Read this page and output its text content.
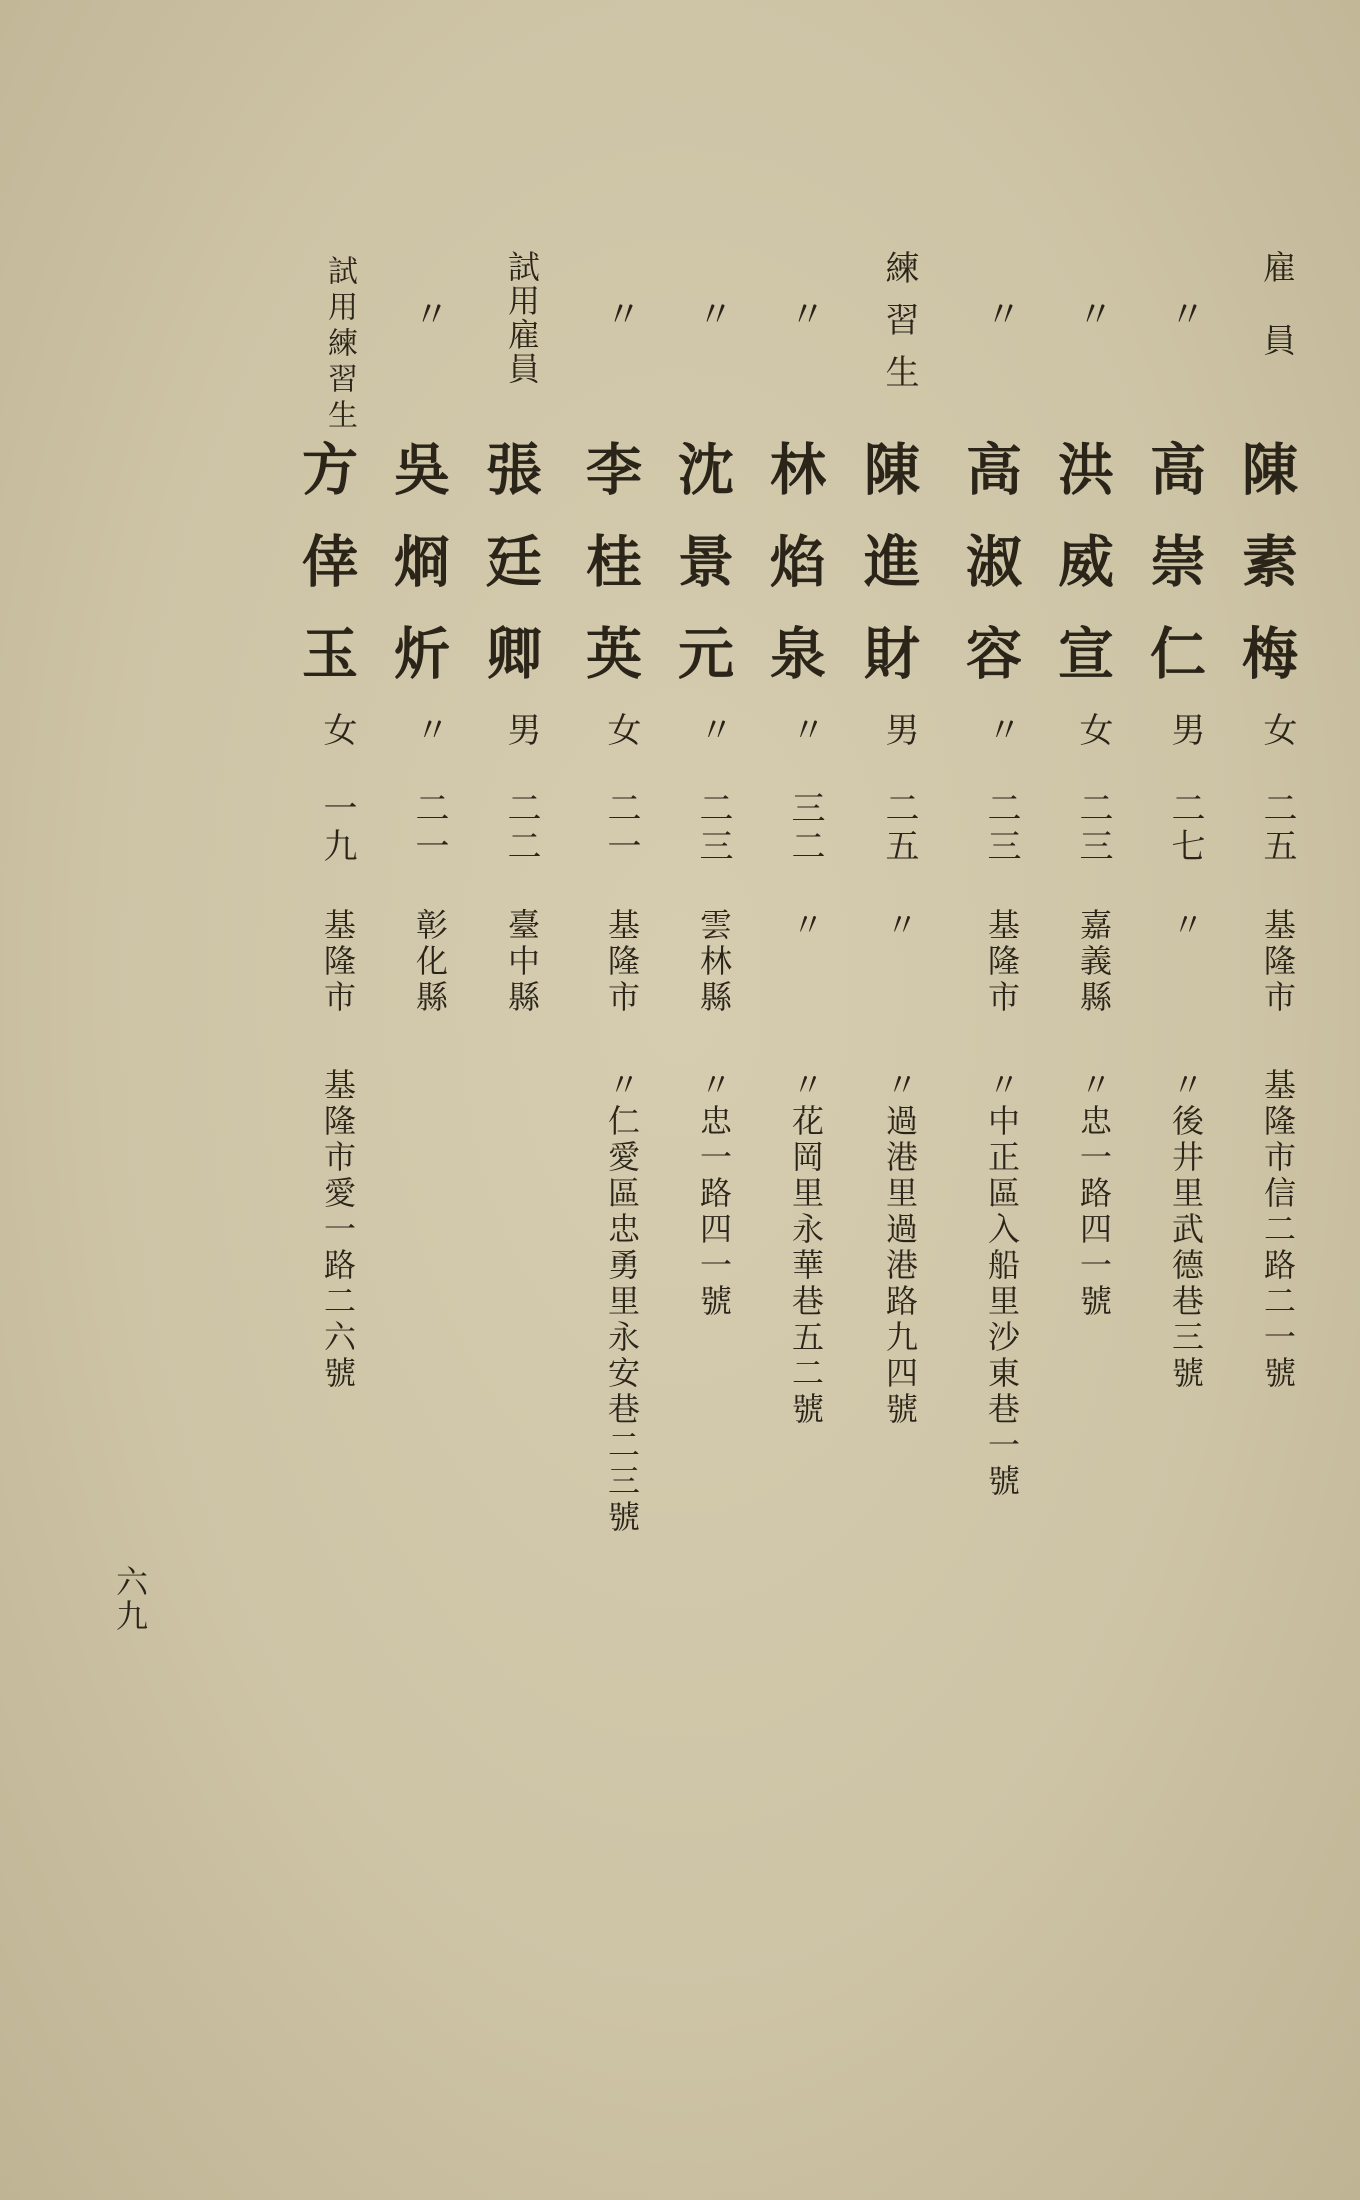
雇員
陳素梅
女
二五
基隆市
基隆市信二路二一號
〃
高崇仁
男
二七
〃
〃後井里武德巷三號
〃
洪威宣
女
二三
嘉義縣
〃忠一路四一號
〃
高淑容
〃
二三
基隆市
〃中正區入船里沙東巷一號
練習生
陳進財
男
二五
〃
〃過港里過港路九四號
〃
林焰泉
〃
三二
〃
〃花岡里永華巷五二號
〃
沈景元
〃
二三
雲林縣
〃忠一路四一號
〃
李桂英
女
二一
基隆市
〃仁愛區忠勇里永安巷二三號
試用雇員
張廷卿
男
二二
臺中縣
〃
吳烱炘
〃
二一
彰化縣
試用練習生
方倖玉
女
一九
基隆市
基隆市愛一路二六號
六九
